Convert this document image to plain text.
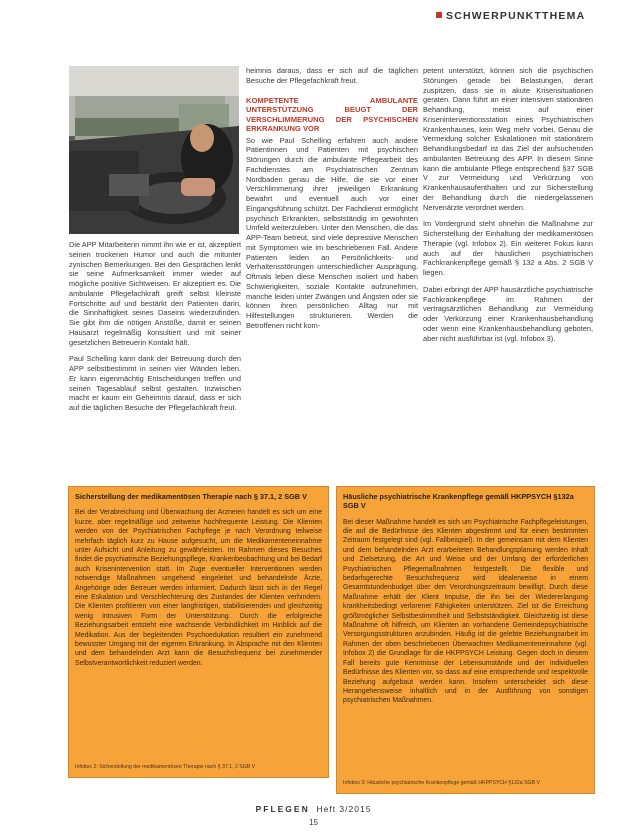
SCHWERPUNKTTHEMA

Die APP Mitarbeiterin nimmt ihn wie er ist, akzeptiert seinen trockenen Humor und auch die mitunter zynischen Bemerkungen. Bei den Gesprächen lenkt sie seine Aufmerksamkeit immer wieder auf mögliche positive Sichtweisen. Er akzeptiert es. Die ambulante Pflegefachkraft greift selbst kleinste Fortschritte auf und bestärkt den Patienten darin, die Sinnhaftigkeit seines Daseins wiederzufinden. Sie gibt ihm die nötigen Anstöße, damit er seinen Hausarzt regelmäßig konsultiert und mit seiner gesetzlichen Betreuerin Kontakt hält.

Paul Schelling kann dank der Betreuung durch den APP selbstbestimmt in seinen vier Wänden leben. Er kann eigenmächtig Entscheidungen treffen und seinen Tagesablauf selbst gestalten. Inzwischen macht er kaum ein Geheimnis darauf, dass er sich auf die täglichen Besuche der Pflegefachkraft freut.

heimnis daraus, dass er sich auf die täglichen Besuche der Pflegefachkraft freut.

KOMPETENTE AMBULANTE UNTERSTÜTZUNG BEUGT DER VERSCHLIMMERUNG DER PSYCHISCHEN ERKRANKUNG VOR

So wie Paul Schelling erfahren auch andere Patientinnen und Patienten mit psychischen Störungen durch die ambulante Pflegearbeit des Fachdienstes am Psychiatrischen Zentrum Nordbaden genau die Hilfe, die sie vor einer Verschlimmerung ihrer jeweiligen Erkrankung bewahrt und eventuell auch vor einer Eingangsführung schützt. Der Fachdienst ermöglicht psychisch Erkrankten, selbstständig im gewohnten Umfeld weiterzuleben. Unter den Menschen, die das APP-Team betreut, sind viele depressive Menschen mit Symptomen wie im beschriebenen Fall. Andere Patienten leiden an Persönlichkeits- und Verhaltensstörungen unterschiedlicher Ausprägung. Oftmals leben diese Menschen isoliert und haben Schwierigkeiten, soziale Kontakte aufzunehmen, manche leiden unter Zwängen und Ängsten oder sie können ihren persönlichen Alltag nur mit Hilfestellungen strukturieren. Werden die Betroffenen nicht kom-

petent unterstützt, können sich die psychischen Störungen gerade bei Belastungen, derart zuspitzen, dass sie in akute Krisensituationen geraten. Dann führt an einer intensiven stationären Behandlung, meist auf einer Kriseninterventionsstation eines Psychiatrischen Krankenhauses, kein Weg mehr vorbei. Genau die Vermeidung solcher Eskalationen mit stationärem Behandlungsbedarf ist das Ziel der aufsuchenden ambulanten Betreuung des APP. In diesem Sinne kann die ambulante Pflege entsprechend §37 SGB V zur Vermeidung und Verkürzung von Krankenhausaufenthalten und zur Sicherstellung der Behandlung durch die niedergelassenen Nervenärzte verordnet werden.

Im Vordergrund steht ohnehin die Maßnahme zur Sicherstellung der Einhaltung der medikamentösen Therapie (vgl. Infobox 2). Ein weiterer Fokus kann auch auf der häuslichen psychiatrischen Fachkrankenpflege gemäß § 132 a Abs. 2 SGB V liegen.

Dabei erbringt der APP hausärztliche psychiatrische Fachkrankenpflege im Rahmen der vertragsärztlichen Behandlung zur Vermeidung oder Verkürzung einer Krankenhausbehandlung oder wenn eine Krankenhausbehandlung geboten, aber nicht ausführbar ist (vgl. Infobox 3).

Sicherstellung der medikamentösen Therapie nach § 37.1, 2 SGB V

Bei der Verabreichung und Überwachung der Arzneien handelt es sich um eine kurze, aber regelmäßige und zeitweise hochfrequente Leistung. Die Klienten werden von der Psychiatrischen Fachpflege je nach Verordnung teilweise mehrfach täglich kurz zu Hause aufgesucht, um die Medikamenteneinnahme unter Aufsicht und Anleitung zu gewährleisten. Im Rahmen dieses Besuches findet die psychiatrische Beziehungspflege, Krankenbeobachtung und bei Bedarf auch Krisenintervention statt. Im Zuge eventueller Interventionen werden notwendige Maßnahmen umgehend eingeleitet und behandelnde Ärzte, Angehörige oder Betreuer werden informiert. Dadurch lässt sich in der Regel eine Eskalation und Verschlechterung des Zustandes der Klienten verhindern. Die Klienten profitieren von einer langfristigen, stabilisierenden und gleichzeitig wenig intrusiven Form der Unterstützung. Durch die erfolgreiche Beziehungsarbeit entsteht eine wachsende Verbindlichkeit im Hinblick auf die Medikation. Aus der begleitenden Psychoedukation resultiert ein zunehmend bewusster Umgang mit der eigenen Erkrankung. In Absprache mit den Klienten und dem behandelnden Arzt kann die Besuchsfrequenz bei zunehmender Selbstverantwortlichkeit reduziert werden.

Infobox 2: Sicherstellung der medikamentösen Therapie nach § 37.1, 2 SGB V
Häusliche psychiatrische Krankenpflege gemäß HKPPSYCH §132a SGB V

Bei dieser Maßnahme handelt es sich um Psychiatrische Fachpflegeleistungen, die auf die Bedürfnisse des Klienten abgestimmt und für einen bestimmten Zeitraum festgelegt sind (vgl. Fallbeispiel). In der gemeinsam mit dem Klienten und dem behandelnden Arzt erarbeiteten Behandlungsplanung werden Inhalt und Zielsetzung, die Art und Weise und der Umfang der erforderlichen Psychiatrischen Pflegemaßnahmen festgestellt. Die flexible und bedarfsgerechte Besuchsfrequenz wird idealerweise in einem Gesamtstundenbudget über den Verordnungszeitraum bewilligt. Durch diese Maßnahme erhält der Klient Impulse, die ihn bei der Wiedererlangung krankheitsbedingt verlorener Fähigkeiten unterstützen. Ziel ist die Erreichung größtmöglicher Selbstbestimmtheit und Selbstständigkeit. Gleichzeitig ist diese Maßnahme oft hilfreich, um Klienten an vorhandene Gemeindepsychiatrische Versorgungsstrukturen anzubinden. Häufig ist die gelebte Beziehungsarbeit im Rahmen der oben beschriebenen Überwachten Medikamenteneinnahme (vgl. Infobox 2) die Grundlage für die HKPPSYCH Leistung. Gegen doch in diesem Fall bereits gute Kenntnisse der Lebensumstände und der individuellen Bedürfnisse des Klienten vor, so dass auf eine entsprechende und respektvolle Beziehung aufgebaut werden kann. Insofern unterscheidet sich diese Herangehensweise inhaltlich und in der Ausführung von sonstigen psychiatrischen Maßnahmen.

Infobox 3: Häusliche psychiatrische Krankenpflege gemäß HKPPSYCH §132a SGB V
PFLEGEN Heft 3/2015
15
